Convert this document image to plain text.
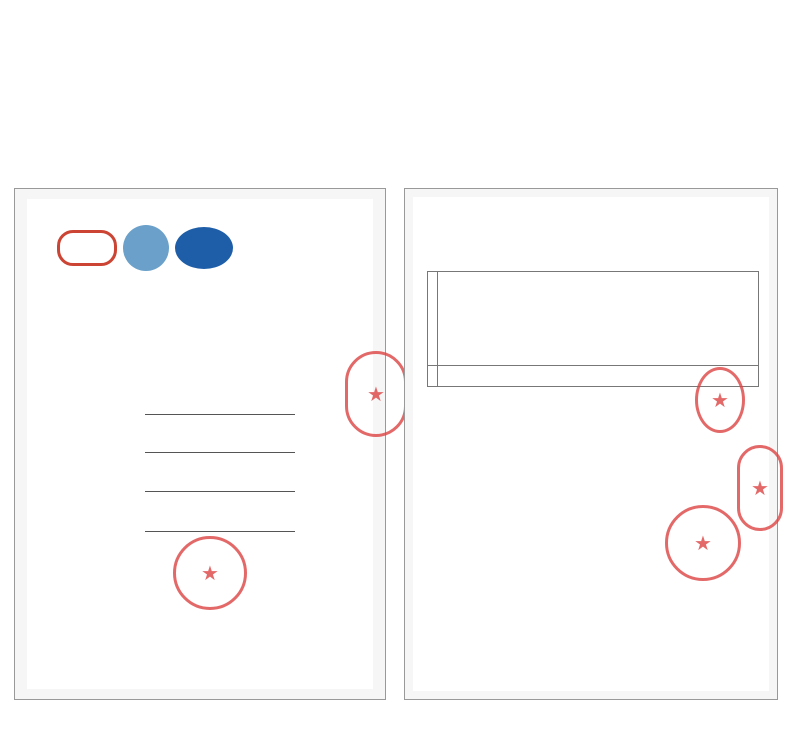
★
★

★
★
★
